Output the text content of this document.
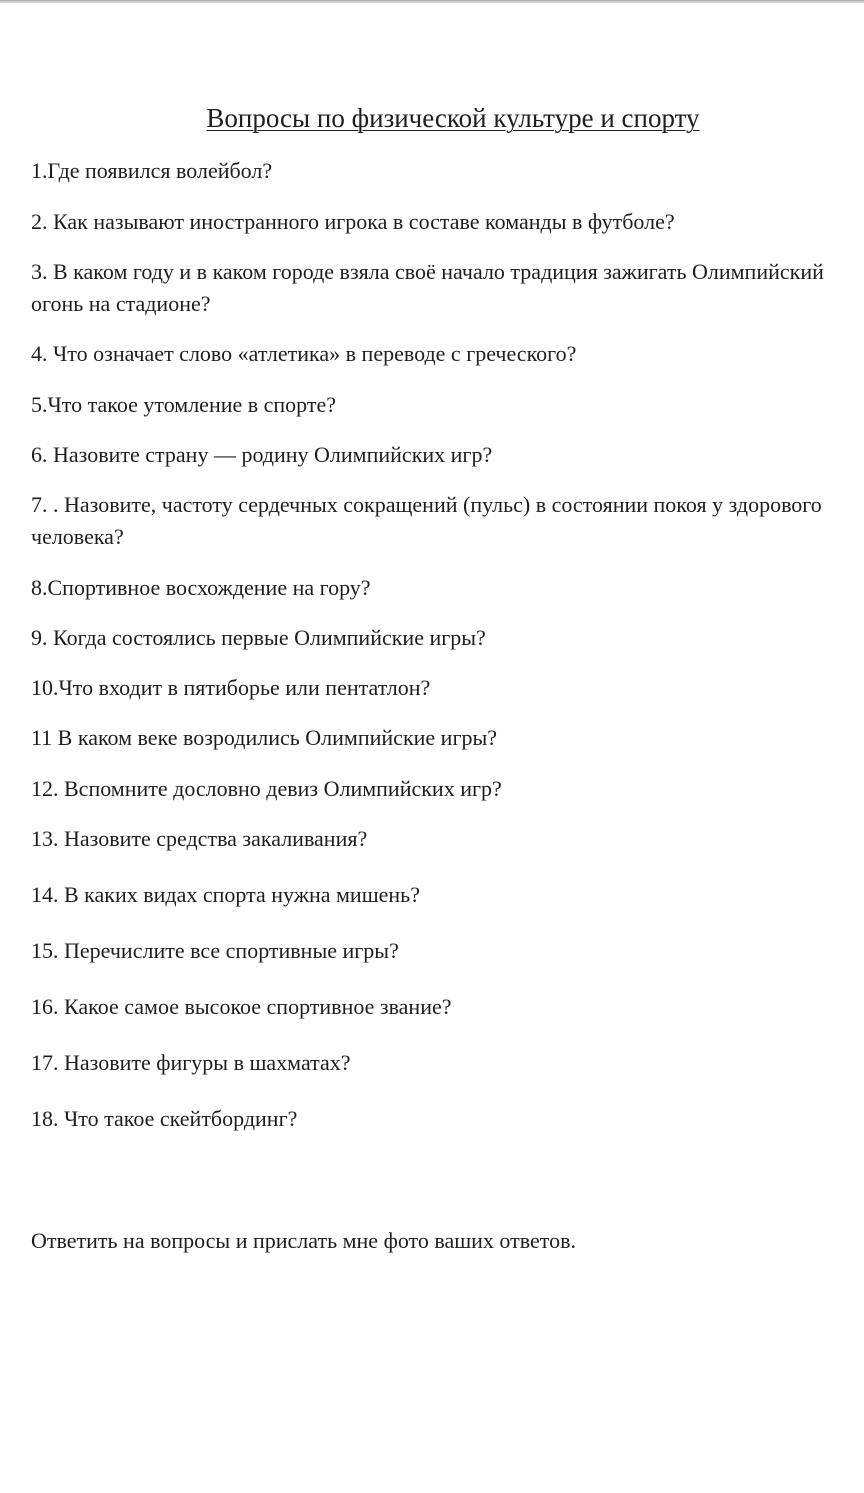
Вопросы по физической культуре и спорту

1.Где появился волейбол?

2. Как называют иностранного игрока в составе команды в футболе?

3. В каком году и в каком городе взяла своё начало традиция зажигать Олимпийский огонь на стадионе?

4. Что означает слово «атлетика» в переводе с греческого?

5.Что такое утомление в спорте?

6. Назовите страну — родину Олимпийских игр?

7. . Назовите, частоту сердечных сокращений (пульс) в состоянии покоя у здорового человека?

8.Спортивное восхождение на гору?

9. Когда состоялись первые Олимпийские игры?

10.Что входит в пятиборье или пентатлон?

11 В каком веке возродились Олимпийские игры?

12. Вспомните дословно девиз Олимпийских игр?

13. Назовите средства закаливания?

14. В каких видах спорта нужна мишень?

15. Перечислите все спортивные игры?

16. Какое самое высокое спортивное звание?

17. Назовите фигуры в шахматах?

18. Что такое скейтбординг?

Ответить на вопросы и прислать мне фото ваших ответов.
